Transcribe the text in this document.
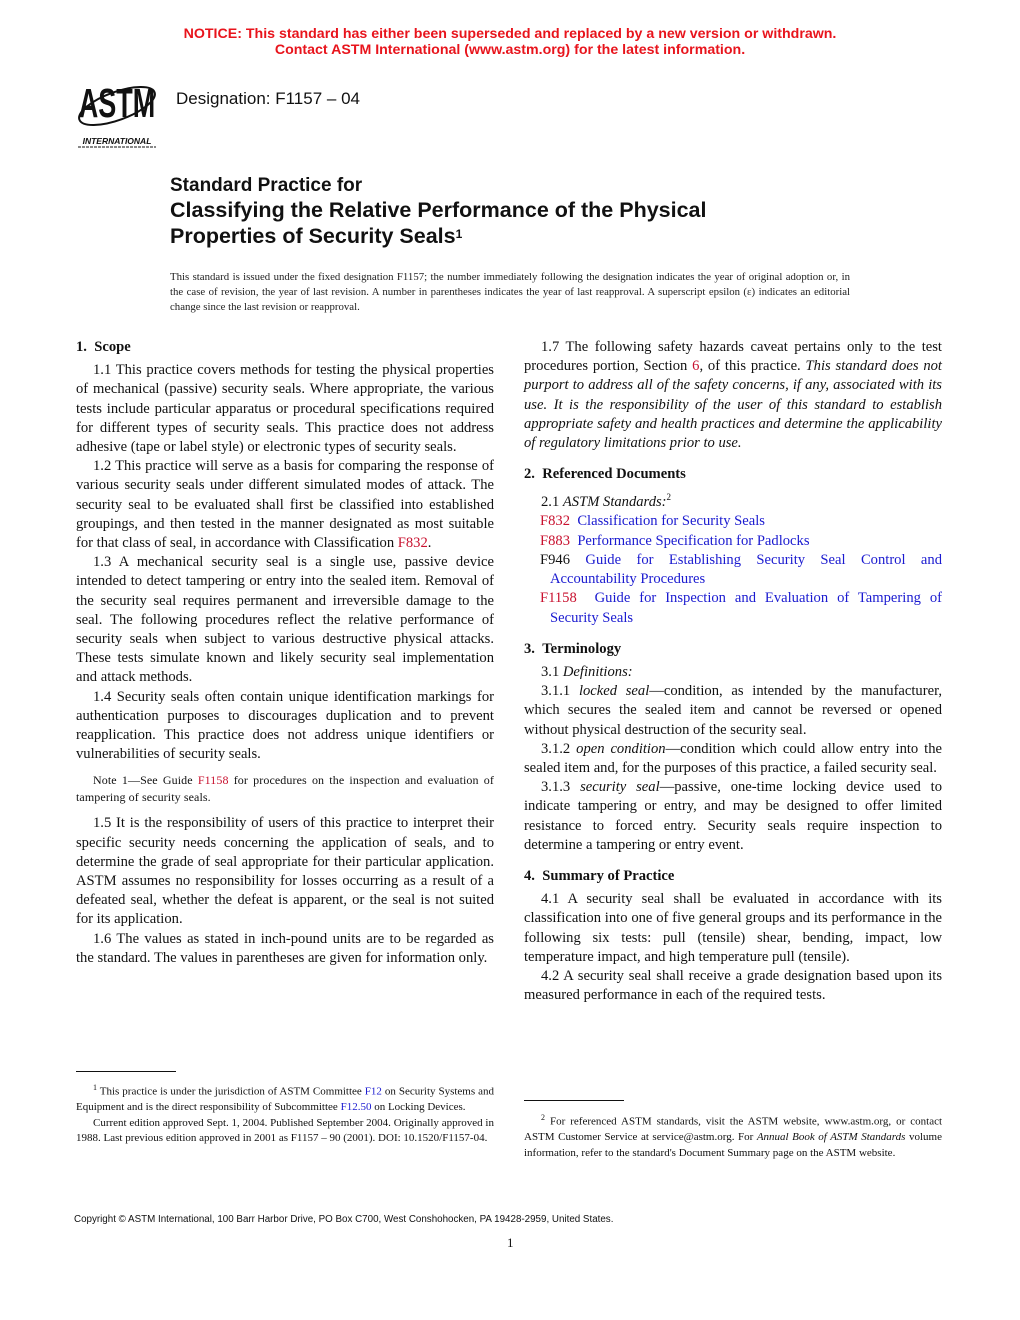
NOTICE: This standard has either been superseded and replaced by a new version or withdrawn.
Contact ASTM International (www.astm.org) for the latest information.
ASTM
INTERNATIONAL
Designation: F1157 – 04
Standard Practice for
Classifying the Relative Performance of the Physical
Properties of Security Seals$^1$
This standard is issued under the fixed designation F1157; the number immediately following the designation indicates the year of original adoption or, in the case of revision, the year of last revision. A number in parentheses indicates the year of last reapproval. A superscript epsilon (ε) indicates an editorial change since the last revision or reapproval.
1. Scope

1.1 This practice covers methods for testing the physical properties of mechanical (passive) security seals. Where appropriate, the various tests include particular apparatus or procedural specifications required for different types of security seals. This practice does not address adhesive (tape or label style) or electronic types of security seals.

1.2 This practice will serve as a basis for comparing the response of various security seals under different simulated modes of attack. The security seal to be evaluated shall first be classified into established groupings, and then tested in the manner designated as most suitable for that class of seal, in accordance with Classification F832.

1.3 A mechanical security seal is a single use, passive device intended to detect tampering or entry into the sealed item. Removal of the security seal requires permanent and irreversible damage to the seal. The following procedures reflect the relative performance of security seals when subject to various destructive physical attacks. These tests simulate known and likely security seal implementation and attack methods.

1.4 Security seals often contain unique identification markings for authentication purposes to discourages duplication and to prevent reapplication. This practice does not address unique identifiers or vulnerabilities of security seals.

Note 1—See Guide F1158 for procedures on the inspection and evaluation of tampering of security seals.

1.5 It is the responsibility of users of this practice to interpret their specific security needs concerning the application of seals, and to determine the grade of seal appropriate for their particular application. ASTM assumes no responsibility for losses occurring as a result of a defeated seal, whether the defeat is apparent, or the seal is not suited for its application.

1.6 The values as stated in inch-pound units are to be regarded as the standard. The values in parentheses are given for information only.

1.7 The following safety hazards caveat pertains only to the test procedures portion, Section 6, of this practice. This standard does not purport to address all of the safety concerns, if any, associated with its use. It is the responsibility of the user of this standard to establish appropriate safety and health practices and determine the applicability of regulatory limitations prior to use.

2. Referenced Documents

2.1 ASTM Standards:$^2$

F832 Classification for Security Seals
F883 Performance Specification for Padlocks
F946 Guide for Establishing Security Seal Control and Accountability Procedures
F1158 Guide for Inspection and Evaluation of Tampering of Security Seals
3. Terminology

3.1 Definitions:

3.1.1 locked seal—condition, as intended by the manufacturer, which secures the sealed item and cannot be reversed or opened without physical destruction of the security seal.

3.1.2 open condition—condition which could allow entry into the sealed item and, for the purposes of this practice, a failed security seal.

3.1.3 security seal—passive, one-time locking device used to indicate tampering or entry, and may be designed to offer limited resistance to forced entry. Security seals require inspection to determine a tampering or entry event.

4. Summary of Practice

4.1 A security seal shall be evaluated in accordance with its classification into one of five general groups and its performance in the following six tests: pull (tensile) shear, bending, impact, low temperature impact, and high temperature pull (tensile).

4.2 A security seal shall receive a grade designation based upon its measured performance in each of the required tests.

$^1$ This practice is under the jurisdiction of ASTM Committee F12 on Security Systems and Equipment and is the direct responsibility of Subcommittee F12.50 on Locking Devices.

Current edition approved Sept. 1, 2004. Published September 2004. Originally approved in 1988. Last previous edition approved in 2001 as F1157 – 90 (2001). DOI: 10.1520/F1157-04.

$^2$ For referenced ASTM standards, visit the ASTM website, www.astm.org, or contact ASTM Customer Service at service@astm.org. For Annual Book of ASTM Standards volume information, refer to the standard's Document Summary page on the ASTM website.

Copyright © ASTM International, 100 Barr Harbor Drive, PO Box C700, West Conshohocken, PA 19428-2959, United States.
1
